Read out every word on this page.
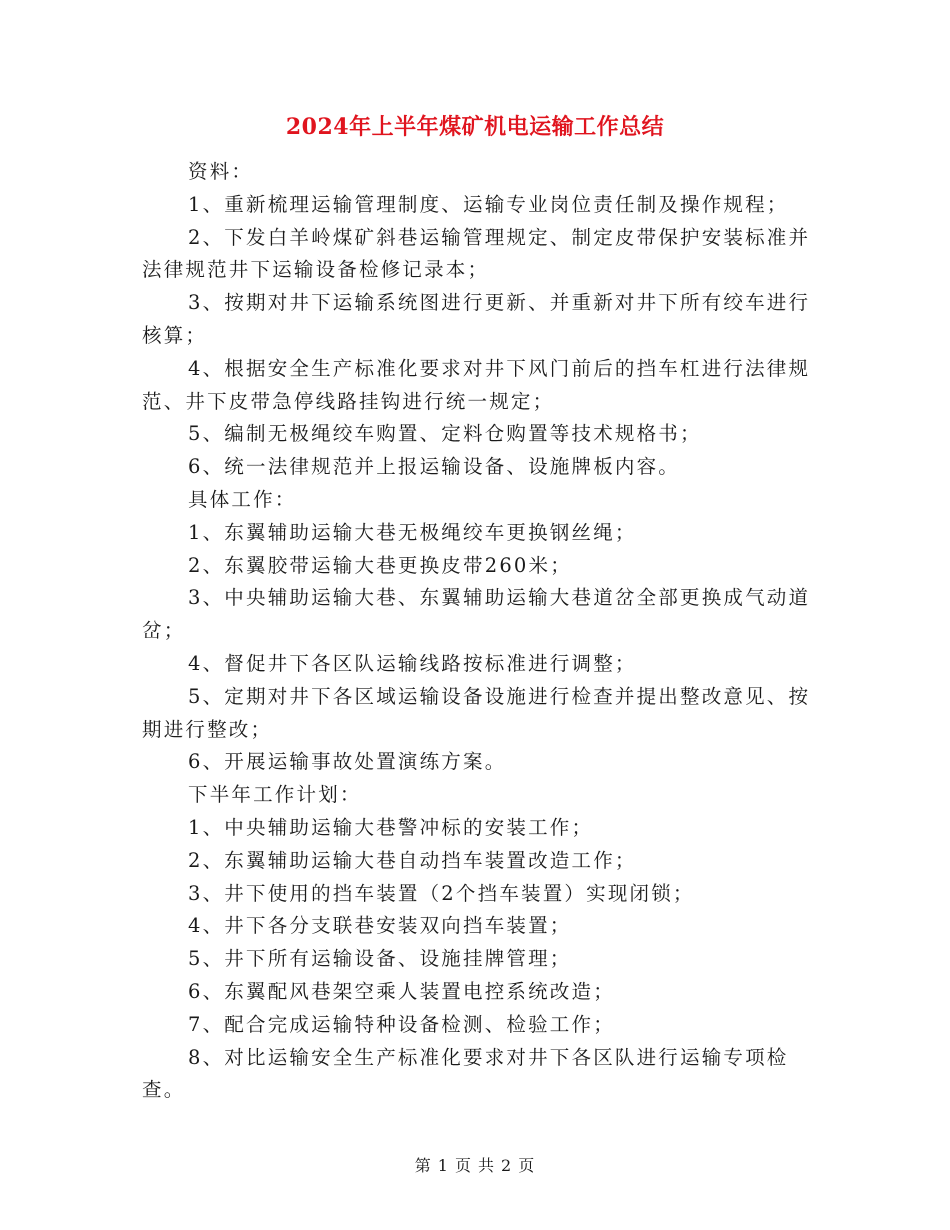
2024年上半年煤矿机电运输工作总结

资料：

1、重新梳理运输管理制度、运输专业岗位责任制及操作规程；

2、下发白羊岭煤矿斜巷运输管理规定、制定皮带保护安装标准并法律规范井下运输设备检修记录本；

3、按期对井下运输系统图进行更新、并重新对井下所有绞车进行核算；

4、根据安全生产标准化要求对井下风门前后的挡车杠进行法律规范、井下皮带急停线路挂钩进行统一规定；

5、编制无极绳绞车购置、定料仓购置等技术规格书；

6、统一法律规范并上报运输设备、设施牌板内容。

具体工作：

1、东翼辅助运输大巷无极绳绞车更换钢丝绳；

2、东翼胶带运输大巷更换皮带260米；

3、中央辅助运输大巷、东翼辅助运输大巷道岔全部更换成气动道岔；

4、督促井下各区队运输线路按标准进行调整；

5、定期对井下各区域运输设备设施进行检查并提出整改意见、按期进行整改；

6、开展运输事故处置演练方案。

下半年工作计划：

1、中央辅助运输大巷警冲标的安装工作；

2、东翼辅助运输大巷自动挡车装置改造工作；

3、井下使用的挡车装置（2个挡车装置）实现闭锁；

4、井下各分支联巷安装双向挡车装置；

5、井下所有运输设备、设施挂牌管理；

6、东翼配风巷架空乘人装置电控系统改造；

7、配合完成运输特种设备检测、检验工作；

8、对比运输安全生产标准化要求对井下各区队进行运输专项检查。

第 1 页 共 2 页
